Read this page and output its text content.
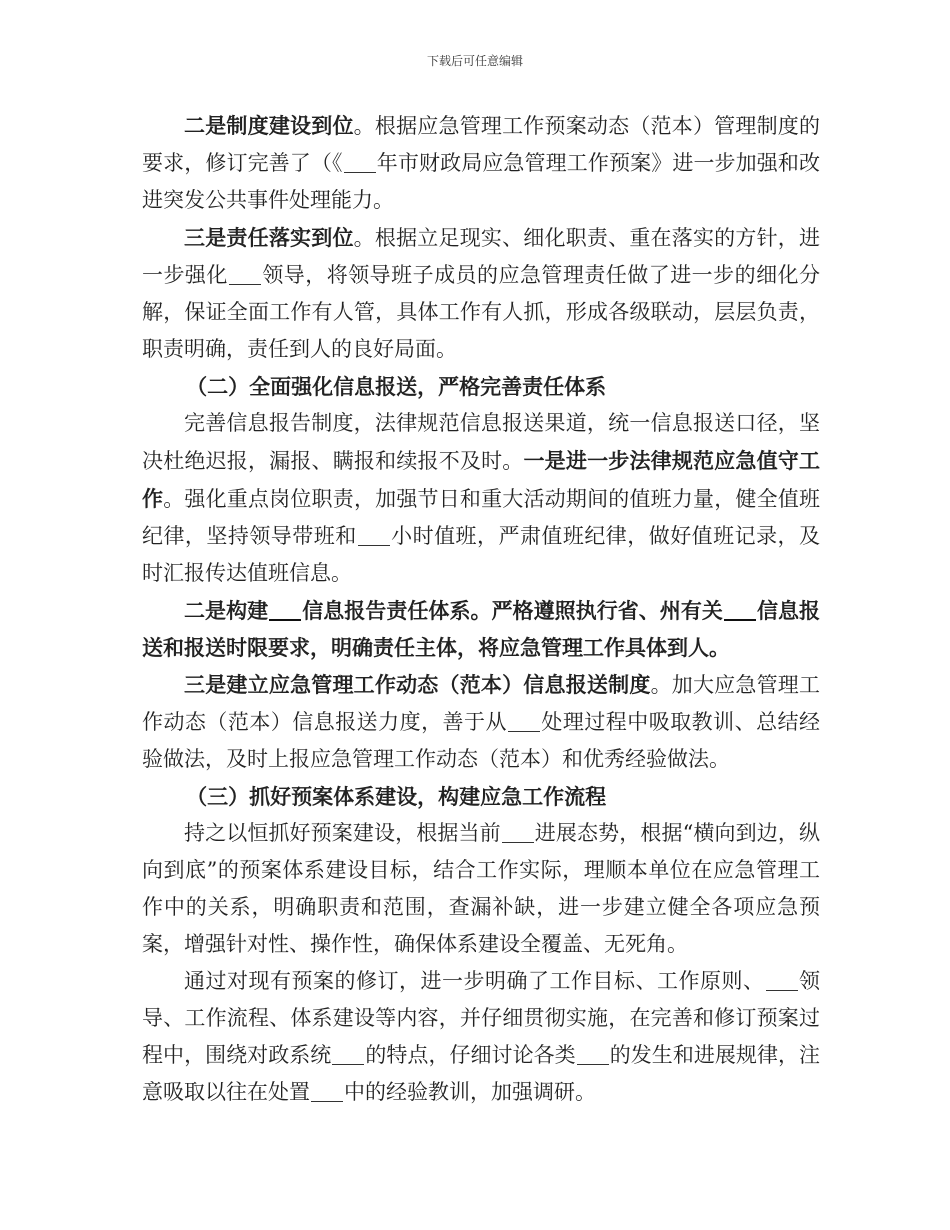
下载后可任意编辑

二是制度建设到位。根据应急管理工作预案动态（范本）管理制度的要求，修订完善了（《 年市财政局应急管理工作预案》进一步加强和改进突发公共事件处理能力。

三是责任落实到位。根据立足现实、细化职责、重在落实的方针，进一步强化 领导，将领导班子成员的应急管理责任做了进一步的细化分解，保证全面工作有人管，具体工作有人抓，形成各级联动，层层负责，职责明确，责任到人的良好局面。

（二）全面强化信息报送，严格完善责任体系

完善信息报告制度，法律规范信息报送果道，统一信息报送口径，坚决杜绝迟报，漏报、瞒报和续报不及时。一是进一步法律规范应急值守工作。强化重点岗位职责，加强节日和重大活动期间的值班力量，健全值班纪律，坚持领导带班和 小时值班，严肃值班纪律，做好值班记录，及时汇报传达值班信息。

二是构建 信息报告责任体系。严格遵照执行省、州有关 信息报送和报送时限要求，明确责任主体，将应急管理工作具体到人。

三是建立应急管理工作动态（范本）信息报送制度。加大应急管理工作动态（范本）信息报送力度，善于从 处理过程中吸取教训、总结经验做法，及时上报应急管理工作动态（范本）和优秀经验做法。

（三）抓好预案体系建设，构建应急工作流程

持之以恒抓好预案建设，根据当前 进展态势，根据“横向到边，纵向到底”的预案体系建设目标，结合工作实际，理顺本单位在应急管理工作中的关系，明确职责和范围，查漏补缺，进一步建立健全各项应急预案，增强针对性、操作性，确保体系建设全覆盖、无死角。

通过对现有预案的修订，进一步明确了工作目标、工作原则、 领导、工作流程、体系建设等内容，并仔细贯彻实施，在完善和修订预案过程中，围绕对政系统 的特点，仔细讨论各类 的发生和进展规律，注意吸取以往在处置 中的经验教训，加强调研。
